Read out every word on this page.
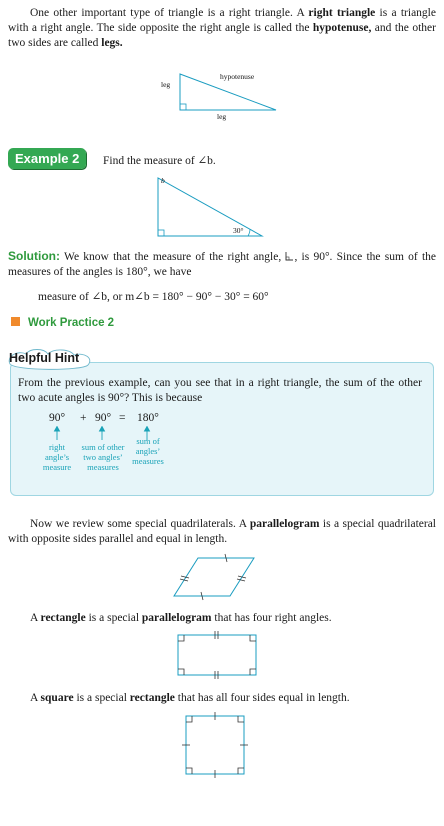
One other important type of triangle is a right triangle. A right triangle is a triangle with a right angle. The side opposite the right angle is called the hypotenuse, and the other two sides are called legs.
leg
hypotenuse
leg
Example 2	Find the measure of ∠b.
b
30°
Solution: We know that the measure of the right angle, , is 90°. Since the sum of the measures of the angles is 180°, we have
measure of ∠b, or m∠b = 180° − 90° − 30° = 60°
Work Practice 2
Helpful Hint
From the previous example, can you see that in a right triangle, the sum of the other two acute angles is 90°? This is because
90° + 90° = 180°
right angle’s measure
sum of other two angles’ measures
sum of angles’ measures
Now we review some special quadrilaterals. A parallelogram is a special quadrilateral with opposite sides parallel and equal in length.
A rectangle is a special parallelogram that has four right angles.
A square is a special rectangle that has all four sides equal in length.
